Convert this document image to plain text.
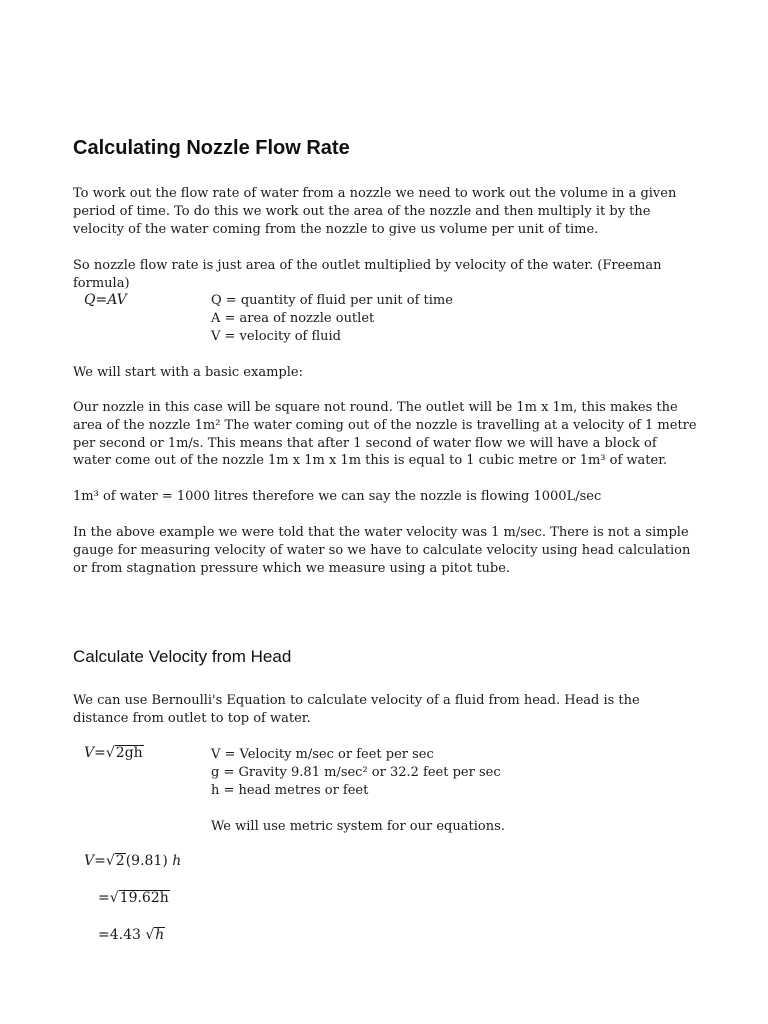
Calculating Nozzle Flow Rate

To work out the flow rate of water from a nozzle we need to work out the volume in a given period of time. To do this we work out the area of the nozzle and then multiply it by the velocity of the water coming from the nozzle to give us volume per unit of time.

So nozzle flow rate is just area of the outlet multiplied by velocity of the water. (Freeman formula)

Q=AV	Q = quantity of fluid per unit of time
A = area of nozzle outlet
V = velocity of fluid

We will start with a basic example:

Our nozzle in this case will be square not round. The outlet will be 1m x 1m, this makes the area of the nozzle 1m² The water coming out of the nozzle is travelling at a velocity of 1 metre per second or 1m/s. This means that after 1 second of water flow we will have a block of water come out of the nozzle 1m x 1m x 1m this is equal to 1 cubic metre or 1m³ of water.

1m³ of water = 1000 litres therefore we can say the nozzle is flowing 1000L/sec

In the above example we were told that the water velocity was 1 m/sec. There is not a simple gauge for measuring velocity of water so we have to calculate velocity using head calculation or from stagnation pressure which we measure using a pitot tube.

Calculate Velocity from Head

We can use Bernoulli's Equation to calculate velocity of a fluid from head. Head is the distance from outlet to top of water.

V=√2gh	V = Velocity m/sec or feet per sec
g = Gravity 9.81 m/sec² or 32.2 feet per sec
h = head metres or feet
We will use metric system for our equations.
V=√2(9.81) h
=√19.62h
=4.43 √h
